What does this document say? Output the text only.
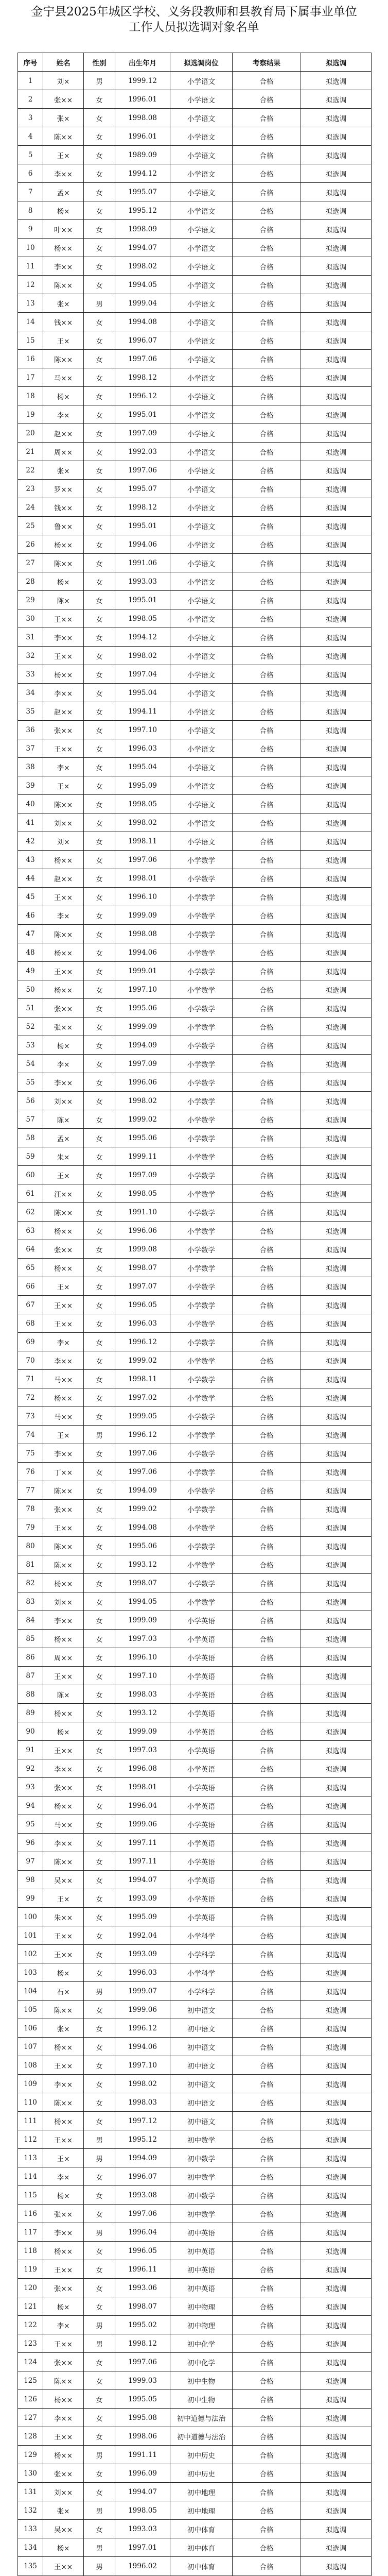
金宁县2025年城区学校、义务段教师和县教育局下属事业单位
工作人员拟选调对象名单
序号	姓名	性别	出生年月	拟选调岗位	考察结果	拟选调
1	刘×	男	1999.12	小学语文	合格	拟选调
2	张××	女	1996.01	小学语文	合格	拟选调
3	张×	女	1998.08	小学语文	合格	拟选调
4	陈××	女	1996.01	小学语文	合格	拟选调
5	王×	女	1989.09	小学语文	合格	拟选调
6	李××	女	1994.12	小学语文	合格	拟选调
7	孟×	女	1995.07	小学语文	合格	拟选调
8	杨×	女	1995.12	小学语文	合格	拟选调
9	叶××	女	1998.09	小学语文	合格	拟选调
10	杨××	女	1994.07	小学语文	合格	拟选调
11	李××	女	1998.02	小学语文	合格	拟选调
12	陈××	女	1994.05	小学语文	合格	拟选调
13	张×	男	1999.04	小学语文	合格	拟选调
14	钱××	女	1994.08	小学语文	合格	拟选调
15	王×	女	1996.07	小学语文	合格	拟选调
16	陈××	女	1997.06	小学语文	合格	拟选调
17	马××	女	1998.12	小学语文	合格	拟选调
18	杨×	女	1996.12	小学语文	合格	拟选调
19	李×	女	1995.01	小学语文	合格	拟选调
20	赵××	女	1997.09	小学语文	合格	拟选调
21	周××	女	1992.03	小学语文	合格	拟选调
22	张×	女	1997.06	小学语文	合格	拟选调
23	罗××	女	1995.07	小学语文	合格	拟选调
24	钱××	女	1998.12	小学语文	合格	拟选调
25	鲁××	女	1995.01	小学语文	合格	拟选调
26	杨××	女	1994.06	小学语文	合格	拟选调
27	陈××	女	1991.06	小学语文	合格	拟选调
28	杨×	女	1993.03	小学语文	合格	拟选调
29	陈×	女	1995.01	小学语文	合格	拟选调
30	王××	女	1998.05	小学语文	合格	拟选调
31	李××	女	1994.12	小学语文	合格	拟选调
32	王××	女	1998.02	小学语文	合格	拟选调
33	杨××	女	1997.04	小学语文	合格	拟选调
34	李××	女	1995.04	小学语文	合格	拟选调
35	赵××	女	1994.11	小学语文	合格	拟选调
36	张××	女	1997.10	小学语文	合格	拟选调
37	王××	女	1996.03	小学语文	合格	拟选调
38	李×	女	1995.04	小学语文	合格	拟选调
39	王×	女	1995.09	小学语文	合格	拟选调
40	陈××	女	1998.05	小学语文	合格	拟选调
41	刘××	女	1998.02	小学语文	合格	拟选调
42	刘×	女	1998.11	小学语文	合格	拟选调
43	杨××	女	1997.06	小学数学	合格	拟选调
44	赵××	女	1998.01	小学数学	合格	拟选调
45	王××	女	1996.10	小学数学	合格	拟选调
46	李×	女	1999.09	小学数学	合格	拟选调
47	陈××	女	1998.08	小学数学	合格	拟选调
48	杨××	女	1994.06	小学数学	合格	拟选调
49	王××	女	1999.01	小学数学	合格	拟选调
50	杨××	女	1997.10	小学数学	合格	拟选调
51	张××	女	1995.06	小学数学	合格	拟选调
52	张××	女	1999.09	小学数学	合格	拟选调
53	杨×	女	1994.09	小学数学	合格	拟选调
54	李×	女	1997.09	小学数学	合格	拟选调
55	李××	女	1996.06	小学数学	合格	拟选调
56	刘××	女	1998.02	小学数学	合格	拟选调
57	陈×	女	1999.02	小学数学	合格	拟选调
58	孟×	女	1995.06	小学数学	合格	拟选调
59	朱×	女	1999.11	小学数学	合格	拟选调
60	王×	女	1997.09	小学数学	合格	拟选调
61	汪××	女	1998.05	小学数学	合格	拟选调
62	陈××	女	1991.10	小学数学	合格	拟选调
63	杨××	女	1996.06	小学数学	合格	拟选调
64	张××	女	1999.08	小学数学	合格	拟选调
65	杨××	女	1998.07	小学数学	合格	拟选调
66	王×	女	1997.07	小学数学	合格	拟选调
67	王××	女	1996.05	小学数学	合格	拟选调
68	王××	女	1996.03	小学数学	合格	拟选调
69	李×	女	1996.12	小学数学	合格	拟选调
70	李××	女	1999.02	小学数学	合格	拟选调
71	马××	女	1998.11	小学数学	合格	拟选调
72	杨××	女	1997.02	小学数学	合格	拟选调
73	马××	女	1999.05	小学数学	合格	拟选调
74	王×	男	1996.12	小学数学	合格	拟选调
75	李××	女	1997.06	小学数学	合格	拟选调
76	丁××	女	1997.06	小学数学	合格	拟选调
77	陈××	女	1994.09	小学数学	合格	拟选调
78	张××	女	1999.02	小学数学	合格	拟选调
79	王××	女	1994.08	小学数学	合格	拟选调
80	陈××	女	1995.06	小学数学	合格	拟选调
81	陈××	女	1993.12	小学数学	合格	拟选调
82	杨××	女	1998.07	小学数学	合格	拟选调
83	刘××	女	1994.05	小学数学	合格	拟选调
84	李××	女	1999.09	小学英语	合格	拟选调
85	杨××	女	1997.03	小学英语	合格	拟选调
86	周××	女	1996.10	小学英语	合格	拟选调
87	王××	女	1997.10	小学英语	合格	拟选调
88	陈×	女	1998.03	小学英语	合格	拟选调
89	杨××	女	1993.12	小学英语	合格	拟选调
90	杨×	女	1999.09	小学英语	合格	拟选调
91	王××	女	1997.03	小学英语	合格	拟选调
92	李××	女	1996.08	小学英语	合格	拟选调
93	张××	女	1998.01	小学英语	合格	拟选调
94	杨××	女	1996.04	小学英语	合格	拟选调
95	马××	女	1999.06	小学英语	合格	拟选调
96	李××	女	1997.11	小学英语	合格	拟选调
97	陈××	女	1997.11	小学英语	合格	拟选调
98	吴××	女	1994.07	小学英语	合格	拟选调
99	王×	女	1993.09	小学英语	合格	拟选调
100	朱××	女	1995.09	小学英语	合格	拟选调
101	王××	女	1992.04	小学科学	合格	拟选调
102	王××	女	1993.09	小学科学	合格	拟选调
103	杨×	女	1996.03	小学科学	合格	拟选调
104	石×	男	1999.07	小学科学	合格	拟选调
105	陈××	女	1999.06	初中语文	合格	拟选调
106	张×	女	1996.12	初中语文	合格	拟选调
107	杨××	女	1994.06	初中语文	合格	拟选调
108	王××	女	1997.10	初中语文	合格	拟选调
109	李××	女	1998.02	初中语文	合格	拟选调
110	陈××	女	1998.03	初中语文	合格	拟选调
111	杨××	女	1997.12	初中语文	合格	拟选调
112	王××	男	1995.12	初中数学	合格	拟选调
113	王×	男	1994.09	初中数学	合格	拟选调
114	李×	女	1996.07	初中数学	合格	拟选调
115	杨×	女	1993.08	初中数学	合格	拟选调
116	张××	女	1997.06	初中数学	合格	拟选调
117	李××	男	1996.04	初中英语	合格	拟选调
118	杨××	女	1996.05	初中英语	合格	拟选调
119	王××	女	1996.11	初中英语	合格	拟选调
120	张××	女	1993.06	初中英语	合格	拟选调
121	杨×	女	1998.07	初中物理	合格	拟选调
122	李×	男	1995.02	初中物理	合格	拟选调
123	王××	男	1998.12	初中化学	合格	拟选调
124	张××	女	1997.06	初中化学	合格	拟选调
125	陈××	女	1999.03	初中生物	合格	拟选调
126	杨××	女	1995.05	初中生物	合格	拟选调
127	李××	女	1995.08	初中道德与法治	合格	拟选调
128	王××	女	1998.06	初中道德与法治	合格	拟选调
129	杨××	男	1991.11	初中历史	合格	拟选调
130	张××	女	1996.09	初中历史	合格	拟选调
131	刘××	女	1994.07	初中地理	合格	拟选调
132	张×	男	1998.05	初中地理	合格	拟选调
133	吴××	女	1993.03	初中体育	合格	拟选调
134	杨×	男	1997.01	初中体育	合格	拟选调
135	王××	男	1996.02	初中体育	合格	拟选调
